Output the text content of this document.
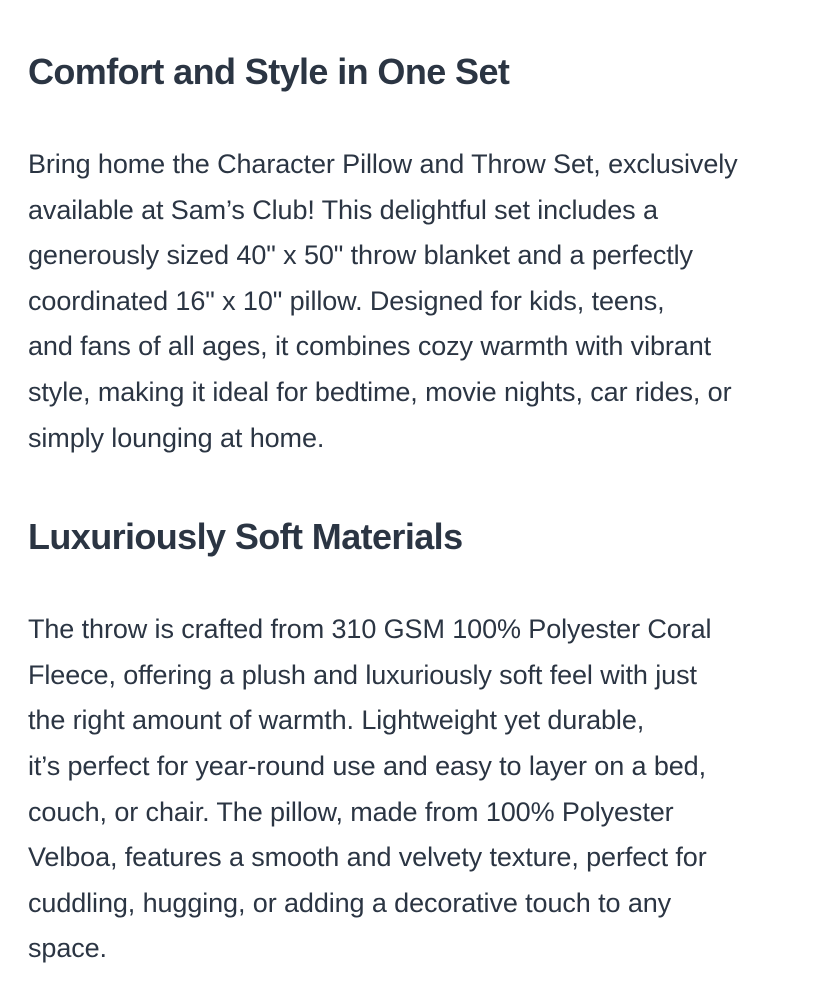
Comfort and Style in One Set

Bring home the Character Pillow and Throw Set, exclusively
available at Sam’s Club! This delightful set includes a
generously sized 40" x 50" throw blanket and a perfectly
coordinated 16" x 10" pillow. Designed for kids, teens,
and fans of all ages, it combines cozy warmth with vibrant
style, making it ideal for bedtime, movie nights, car rides, or
simply lounging at home.

Luxuriously Soft Materials

The throw is crafted from 310 GSM 100% Polyester Coral
Fleece, offering a plush and luxuriously soft feel with just
the right amount of warmth. Lightweight yet durable,
it’s perfect for year-round use and easy to layer on a bed,
couch, or chair. The pillow, made from 100% Polyester
Velboa, features a smooth and velvety texture, perfect for
cuddling, hugging, or adding a decorative touch to any
space.
